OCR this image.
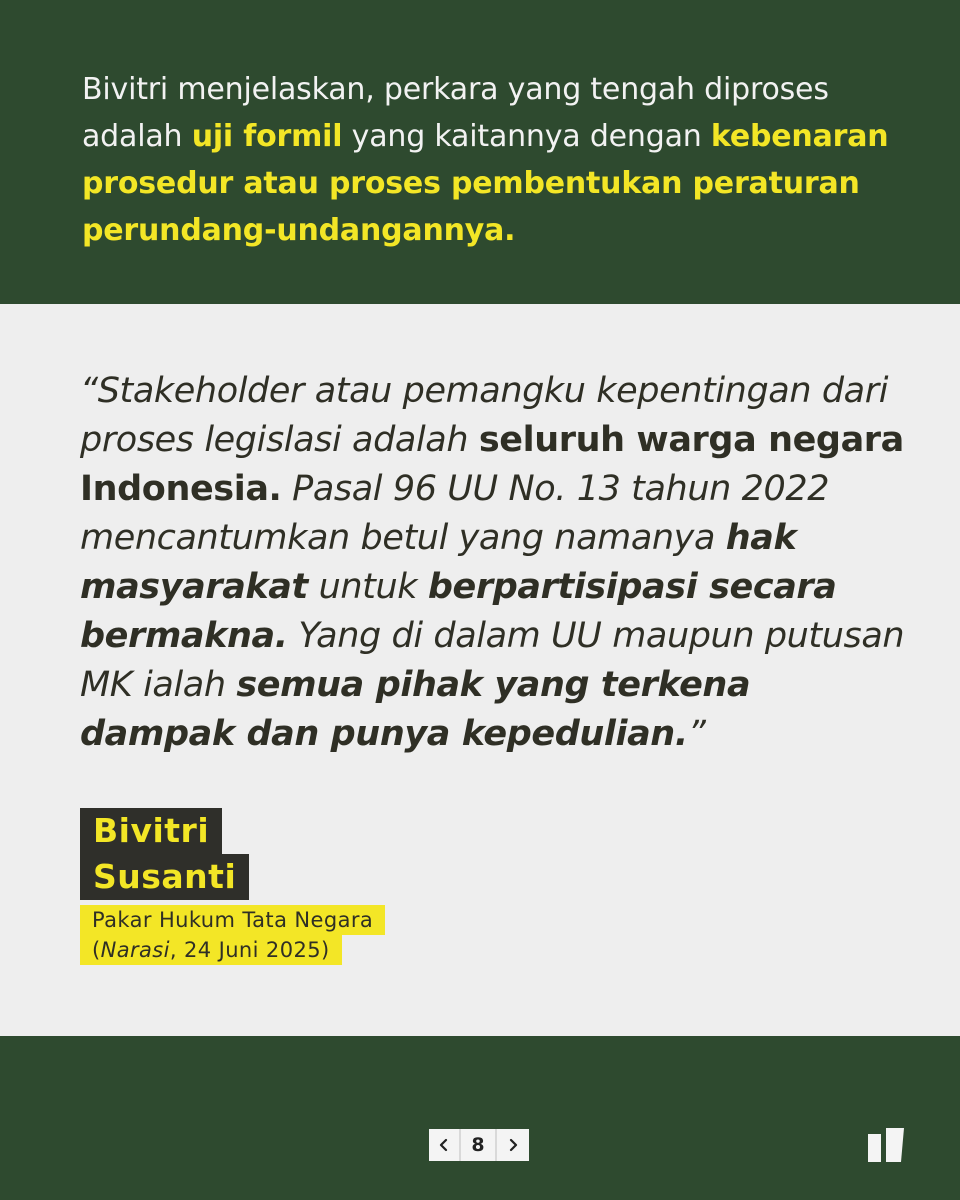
Bivitri menjelaskan, perkara yang tengah diproses adalah uji formil yang kaitannya dengan kebenaran prosedur atau proses pembentukan peraturan perundang-undangannya.

“Stakeholder atau pemangku kepentingan dari proses legislasi adalah seluruh warga negara Indonesia. Pasal 96 UU No. 13 tahun 2022 mencantumkan betul yang namanya hak masyarakat untuk berpartisipasi secara bermakna. Yang di dalam UU maupun putusan MK ialah semua pihak yang terkena dampak dan punya kepedulian.”

Bivitri
Susanti
Pakar Hukum Tata Negara
(Narasi, 24 Juni 2025)
8
